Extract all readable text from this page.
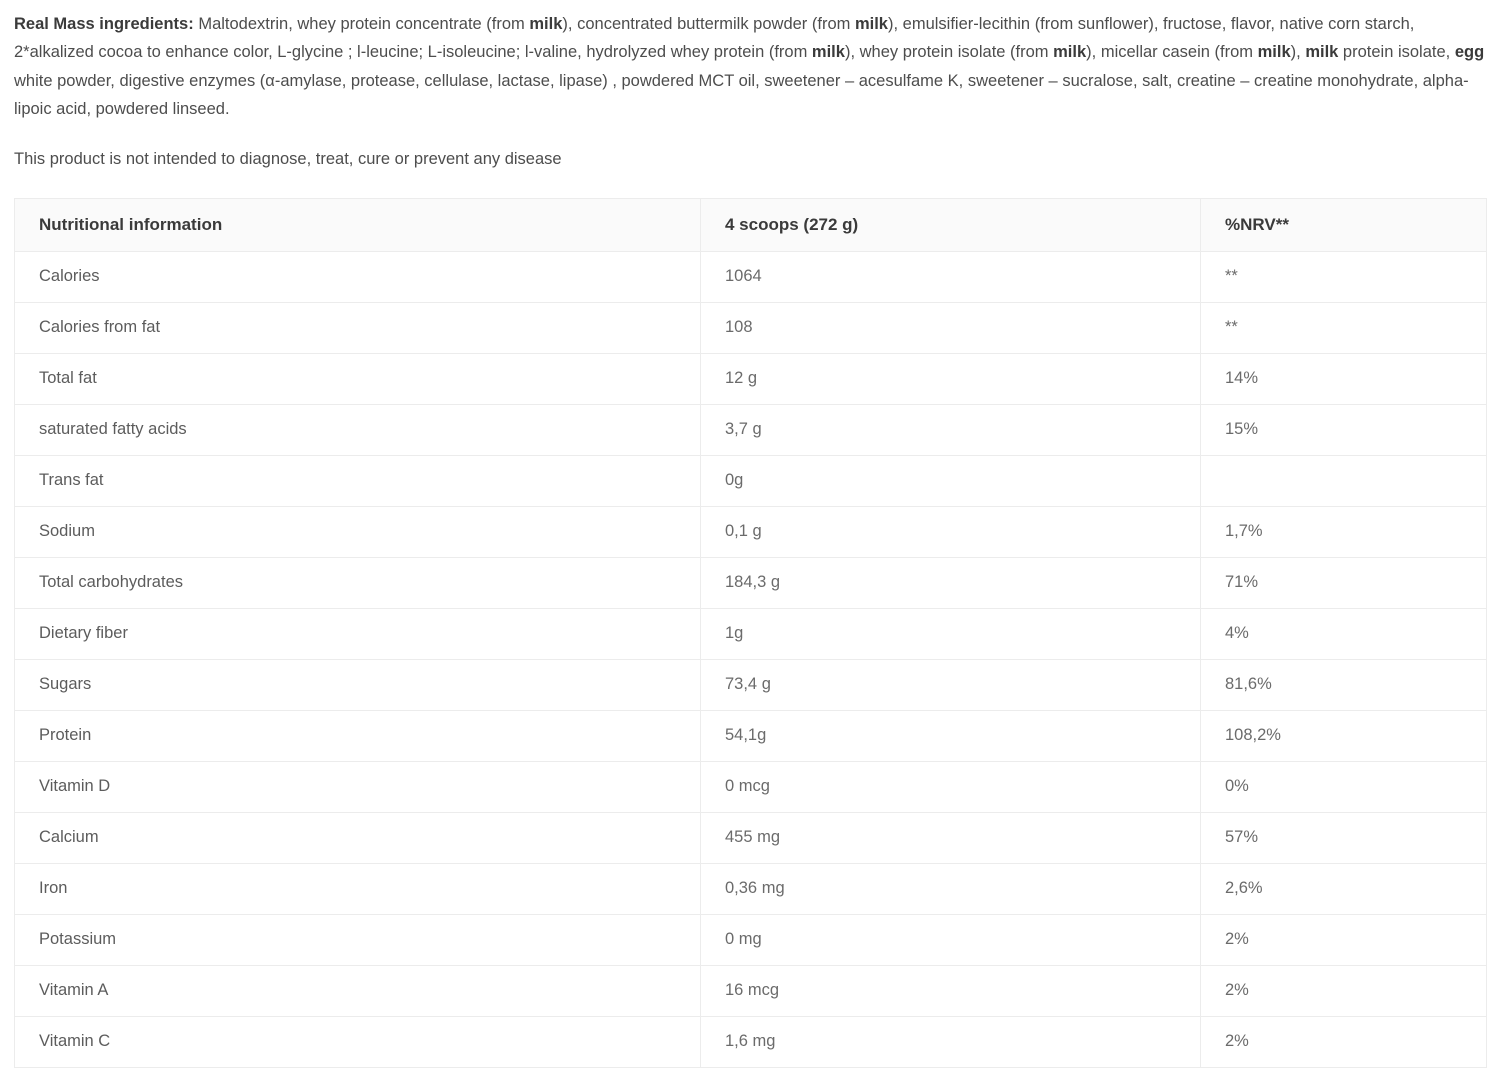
Real Mass ingredients: Maltodextrin, whey protein concentrate (from milk), concentrated buttermilk powder (from milk), emulsifier-lecithin (from sunflower), fructose, flavor, native corn starch, 2*alkalized cocoa to enhance color, L-glycine ; l-leucine; L-isoleucine; l-valine, hydrolyzed whey protein (from milk), whey protein isolate (from milk), micellar casein (from milk), milk protein isolate, egg white powder, digestive enzymes (α-amylase, protease, cellulase, lactase, lipase) , powdered MCT oil, sweetener – acesulfame K, sweetener – sucralose, salt, creatine – creatine monohydrate, alpha-lipoic acid, powdered linseed.

This product is not intended to diagnose, treat, cure or prevent any disease

Nutritional information	4 scoops (272 g)	%NRV**
Calories	1064	**
Calories from fat	108	**
Total fat	12 g	14%
saturated fatty acids	3,7 g	15%
Trans fat	0g	
Sodium	0,1 g	1,7%
Total carbohydrates	184,3 g	71%
Dietary fiber	1g	4%
Sugars	73,4 g	81,6%
Protein	54,1g	108,2%
Vitamin D	0 mcg	0%
Calcium	455 mg	57%
Iron	0,36 mg	2,6%
Potassium	0 mg	2%
Vitamin A	16 mcg	2%
Vitamin C	1,6 mg	2%
